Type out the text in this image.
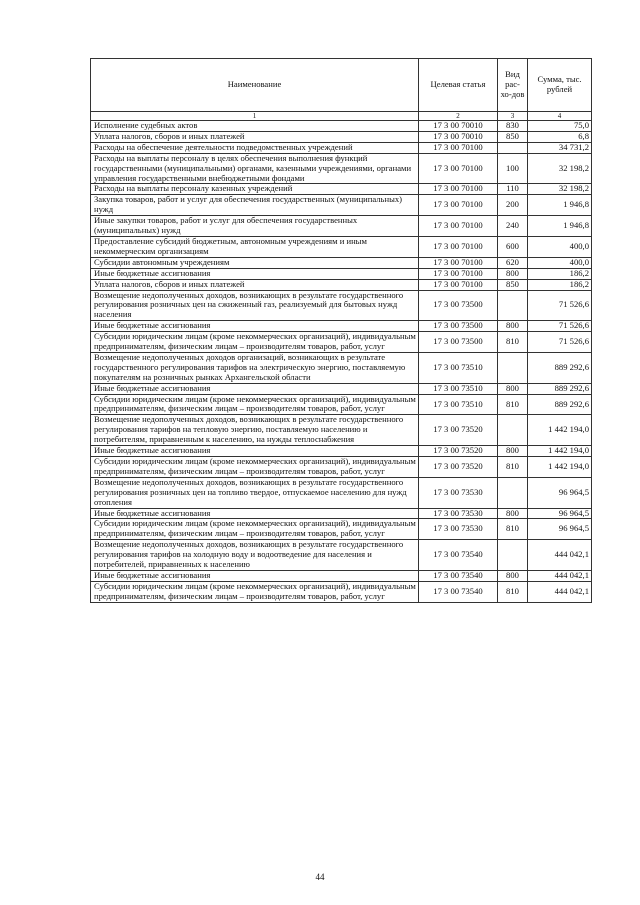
Наименование	Целевая статья	Вид рас-хо-дов	Сумма, тыс. рублей
1	2	3	4
Исполнение судебных актов	17 3 00 70010	830	75,0
Уплата налогов, сборов и иных платежей	17 3 00 70010	850	6,8
Расходы на обеспечение деятельности подведомственных учреждений	17 3 00 70100		34 731,2
Расходы на выплаты персоналу в целях обеспечения выполнения функций государственными (муниципальными) органами, казенными учреждениями, органами управления государственными внебюджетными фондами	17 3 00 70100	100	32 198,2
Расходы на выплаты персоналу казенных учреждений	17 3 00 70100	110	32 198,2
Закупка товаров, работ и услуг для обеспечения государственных (муниципальных) нужд	17 3 00 70100	200	1 946,8
Иные закупки товаров, работ и услуг для обеспечения государственных (муниципальных) нужд	17 3 00 70100	240	1 946,8
Предоставление субсидий бюджетным, автономным учреждениям и иным некоммерческим организациям	17 3 00 70100	600	400,0
Субсидии автономным учреждениям	17 3 00 70100	620	400,0
Иные бюджетные ассигнования	17 3 00 70100	800	186,2
Уплата налогов, сборов и иных платежей	17 3 00 70100	850	186,2
Возмещение недополученных доходов, возникающих в результате государственного регулирования розничных цен на сжиженный газ, реализуемый для бытовых нужд населения	17 3 00 73500		71 526,6
Иные бюджетные ассигнования	17 3 00 73500	800	71 526,6
Субсидии юридическим лицам (кроме некоммерческих организаций), индивидуальным предпринимателям, физическим лицам – производителям товаров, работ, услуг	17 3 00 73500	810	71 526,6
Возмещение недополученных доходов организаций, возникающих в результате государственного регулирования тарифов на электрическую энергию, поставляемую покупателям на розничных рынках Архангельской области	17 3 00 73510		889 292,6
Иные бюджетные ассигнования	17 3 00 73510	800	889 292,6
Субсидии юридическим лицам (кроме некоммерческих организаций), индивидуальным предпринимателям, физическим лицам – производителям товаров, работ, услуг	17 3 00 73510	810	889 292,6
Возмещение недополученных доходов, возникающих в результате государственного регулирования тарифов на тепловую энергию, поставляемую населению и потребителям, приравненным к населению, на нужды теплоснабжения	17 3 00 73520		1 442 194,0
Иные бюджетные ассигнования	17 3 00 73520	800	1 442 194,0
Субсидии юридическим лицам (кроме некоммерческих организаций), индивидуальным предпринимателям, физическим лицам – производителям товаров, работ, услуг	17 3 00 73520	810	1 442 194,0
Возмещение недополученных доходов, возникающих в результате государственного регулирования розничных цен на топливо твердое, отпускаемое населению для нужд отопления	17 3 00 73530		96 964,5
Иные бюджетные ассигнования	17 3 00 73530	800	96 964,5
Субсидии юридическим лицам (кроме некоммерческих организаций), индивидуальным предпринимателям, физическим лицам – производителям товаров, работ, услуг	17 3 00 73530	810	96 964,5
Возмещение недополученных доходов, возникающих в результате государственного регулирования тарифов на холодную воду и водоотведение для населения и потребителей, приравненных к населению	17 3 00 73540		444 042,1
Иные бюджетные ассигнования	17 3 00 73540	800	444 042,1
Субсидии юридическим лицам (кроме некоммерческих организаций), индивидуальным предпринимателям, физическим лицам – производителям товаров, работ, услуг	17 3 00 73540	810	444 042,1
44
